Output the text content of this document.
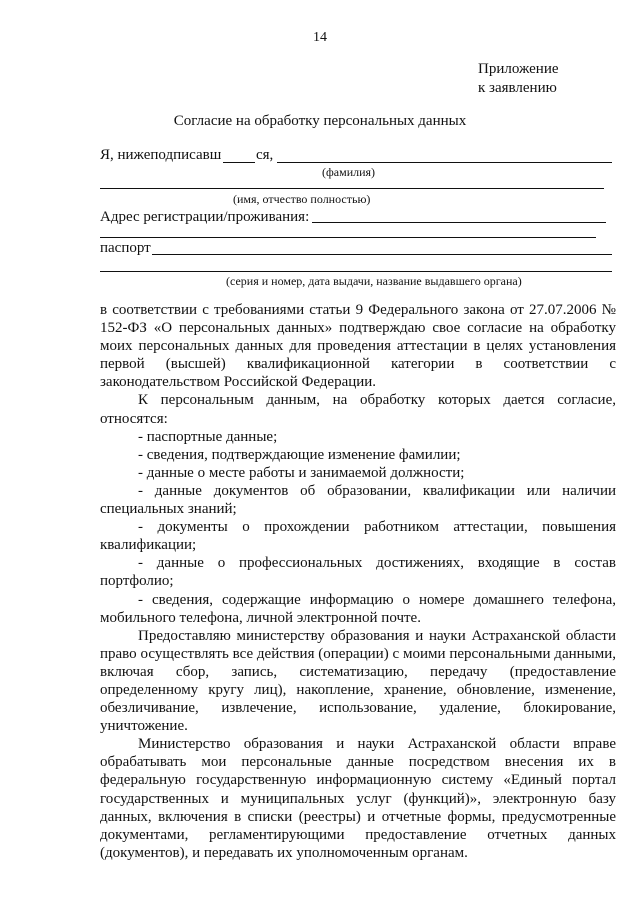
14
Приложение
к заявлению
Согласие на обработку персональных данных
Я, нижеподписавш ся,
(фамилия)
(имя, отчество полностью)
Адрес регистрации/проживания:
паспорт
(серия и номер, дата выдачи, название выдавшего органа)

в соответствии с требованиями статьи 9 Федерального закона от 27.07.2006 № 152-ФЗ «О персональных данных» подтверждаю свое согласие на обработку моих персональных данных для проведения аттестации в целях установления первой (высшей) квалификационной категории в соответствии с законодательством Российской Федерации.

К персональным данным, на обработку которых дается согласие, относятся:

- паспортные данные;

- сведения, подтверждающие изменение фамилии;

- данные о месте работы и занимаемой должности;

- данные документов об образовании, квалификации или наличии специальных знаний;

- документы о прохождении работником аттестации, повышения квалификации;

- данные о профессиональных достижениях, входящие в состав портфолио;

- сведения, содержащие информацию о номере домашнего телефона, мобильного телефона, личной электронной почте.

Предоставляю министерству образования и науки Астраханской области право осуществлять все действия (операции) с моими персональными данными, включая сбор, запись, систематизацию, передачу (предоставление определенному кругу лиц), накопление, хранение, обновление, изменение, обезличивание, извлечение, использование, удаление, блокирование, уничтожение.

Министерство образования и науки Астраханской области вправе обрабатывать мои персональные данные посредством внесения их в федеральную государственную информационную систему «Единый портал государственных и муниципальных услуг (функций)», электронную базу данных, включения в списки (реестры) и отчетные формы, предусмотренные документами, регламентирующими предоставление отчетных данных (документов), и передавать их уполномоченным органам.
